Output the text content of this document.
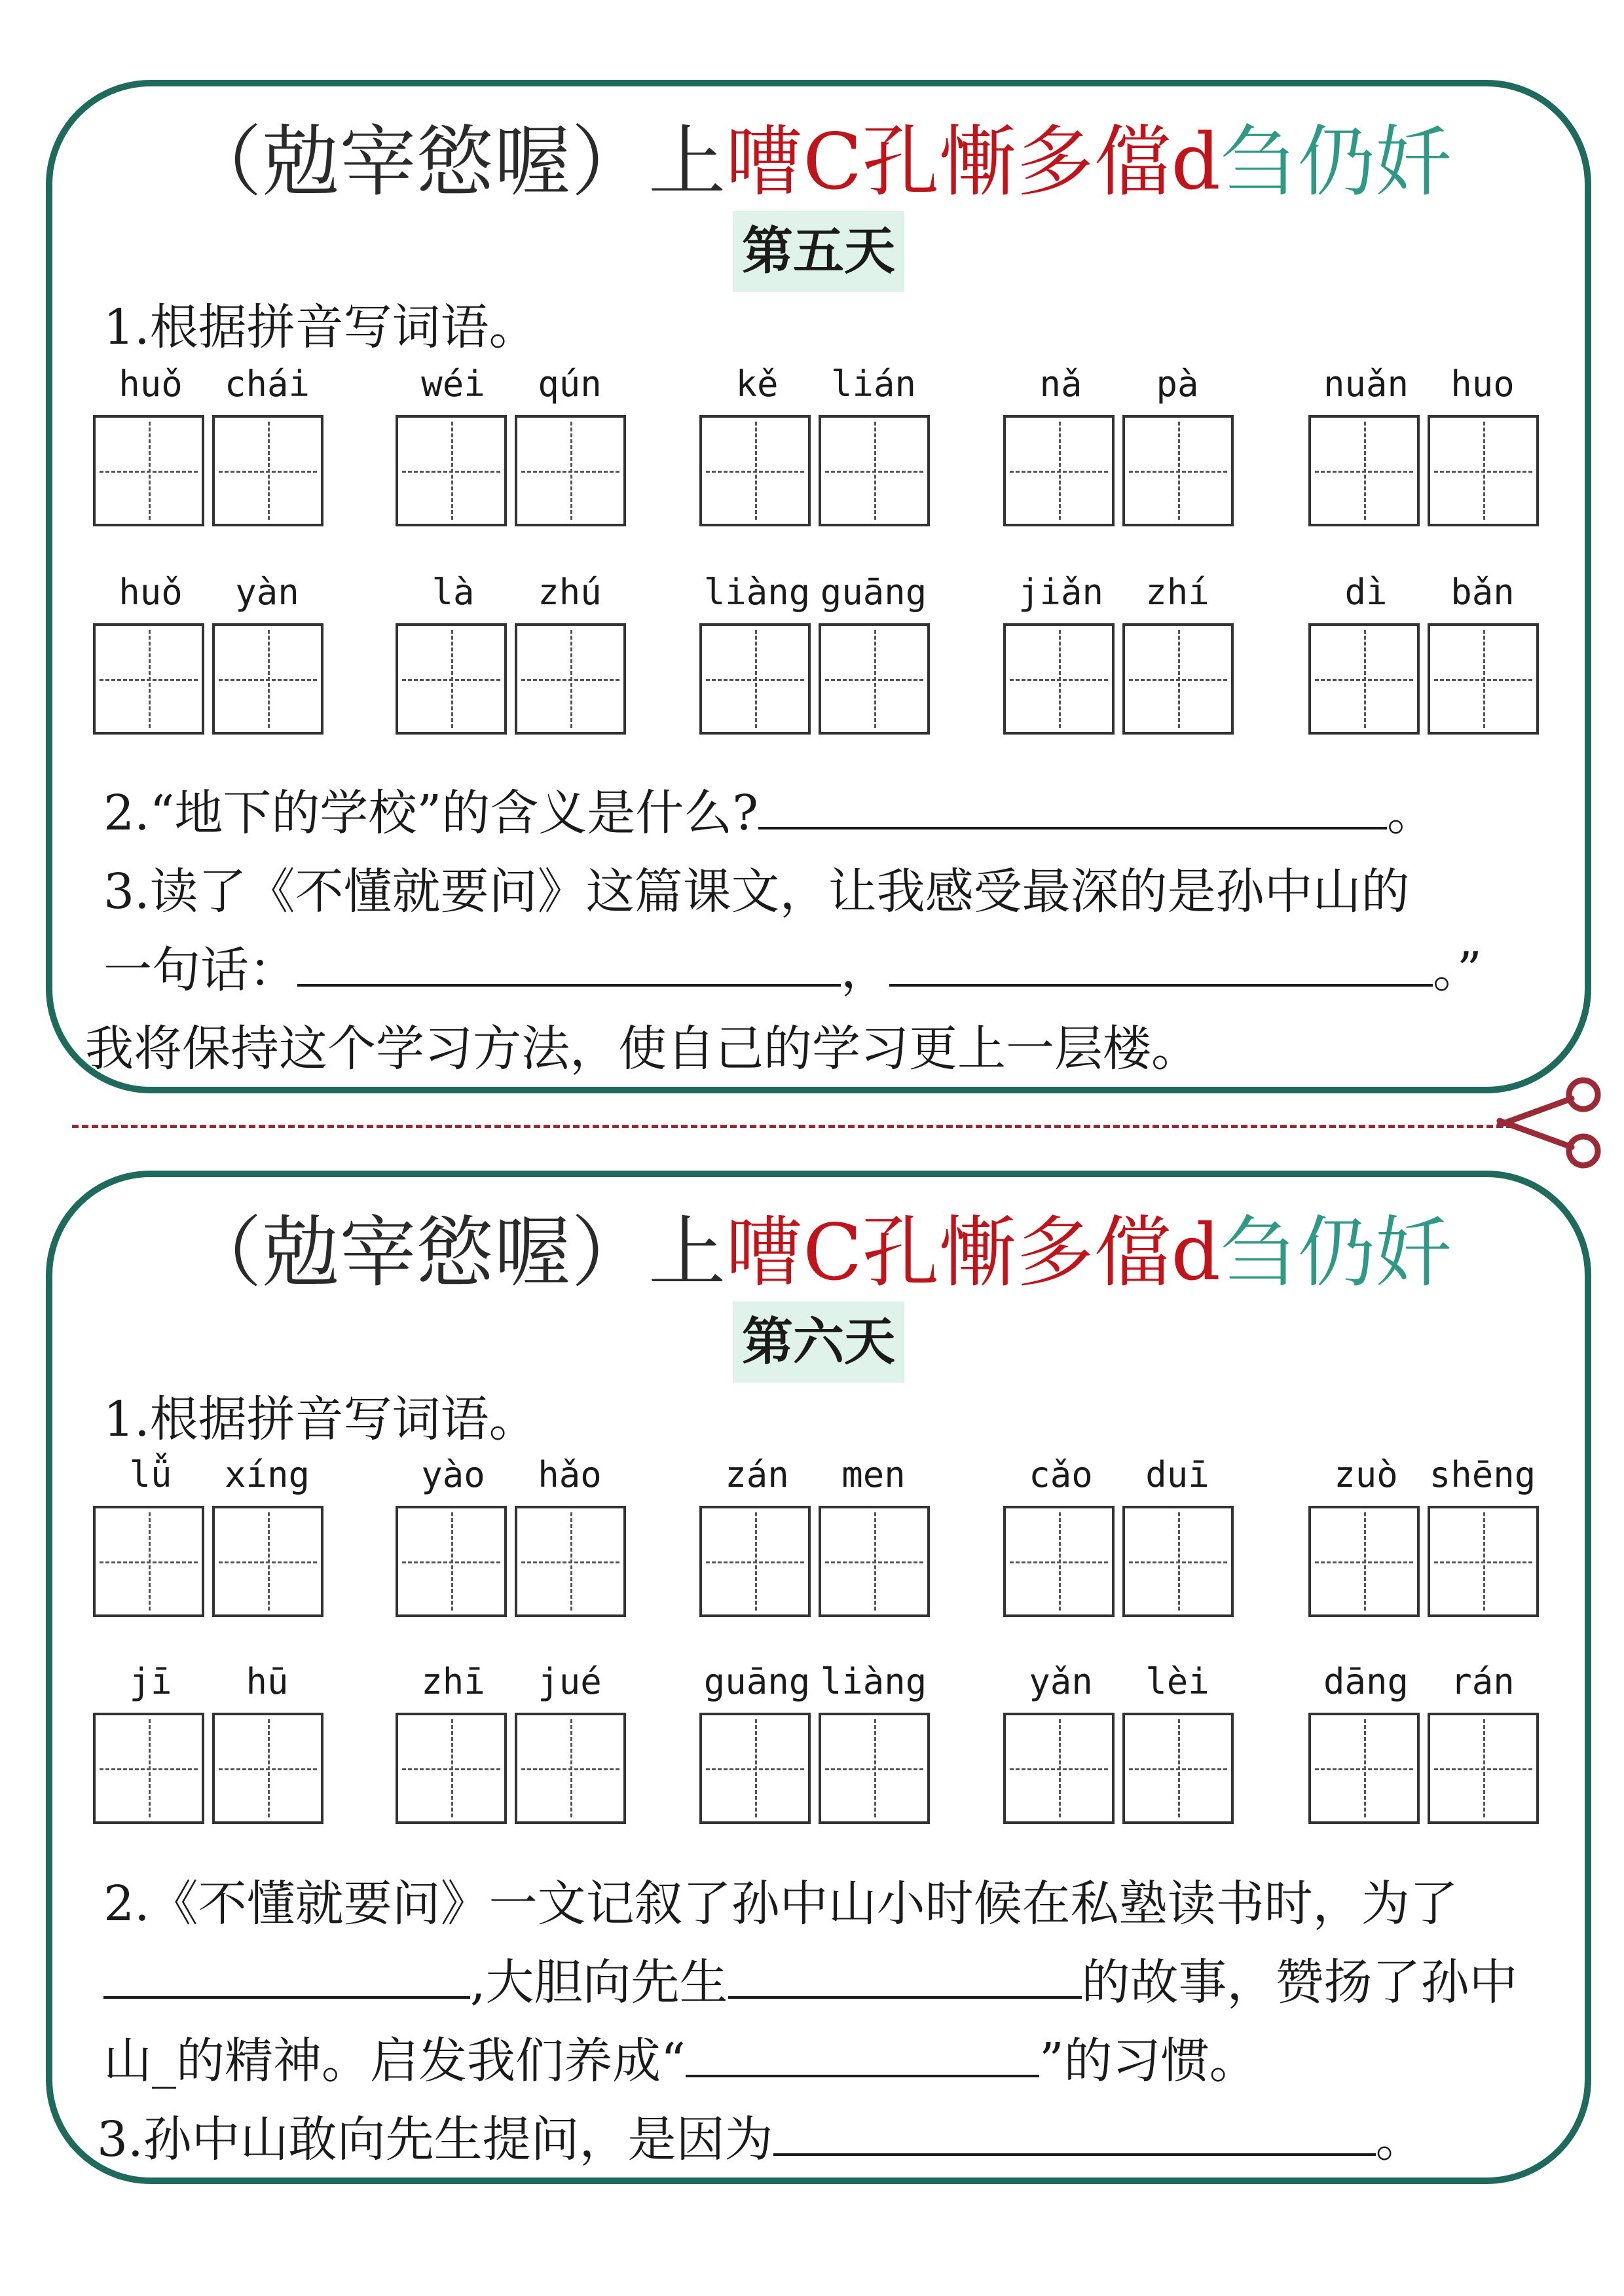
（勊宰慾喔）上嘈C孔慚多儅d刍仍奷
第五天
1.根据拼音写词语。
huǒ	chái	wéi	qún	kě	lián	nǎ	pà	nuǎn	huo
huǒ	yàn	là	zhú	liàng guāng	jiǎn	zhí	dì	bǎn
2.“地下的学校”的含义是什么?	。
3.读了《不懂就要问》这篇课文，让我感受最深的是孙中山的
一句话：	，	。”
我将保持这个学习方法，使自己的学习更上一层楼。
（勊宰慾喔）上嘈C孔慚多儅d刍仍奷
第六天
1.根据拼音写词语。
lǚ	xíng	yào	hǎo	zán	men	cǎo	duī	zuò shēng
jī	hū	zhī	jué	guāng liàng	yǎn	lèi	dāng	rán
2.《不懂就要问》一文记叙了孙中山小时候在私塾读书时，为了
,大胆向先生	的故事，赞扬了孙中
山_的精神。启发我们养成“	”的习惯。
3.孙中山敢向先生提问，是因为	。
